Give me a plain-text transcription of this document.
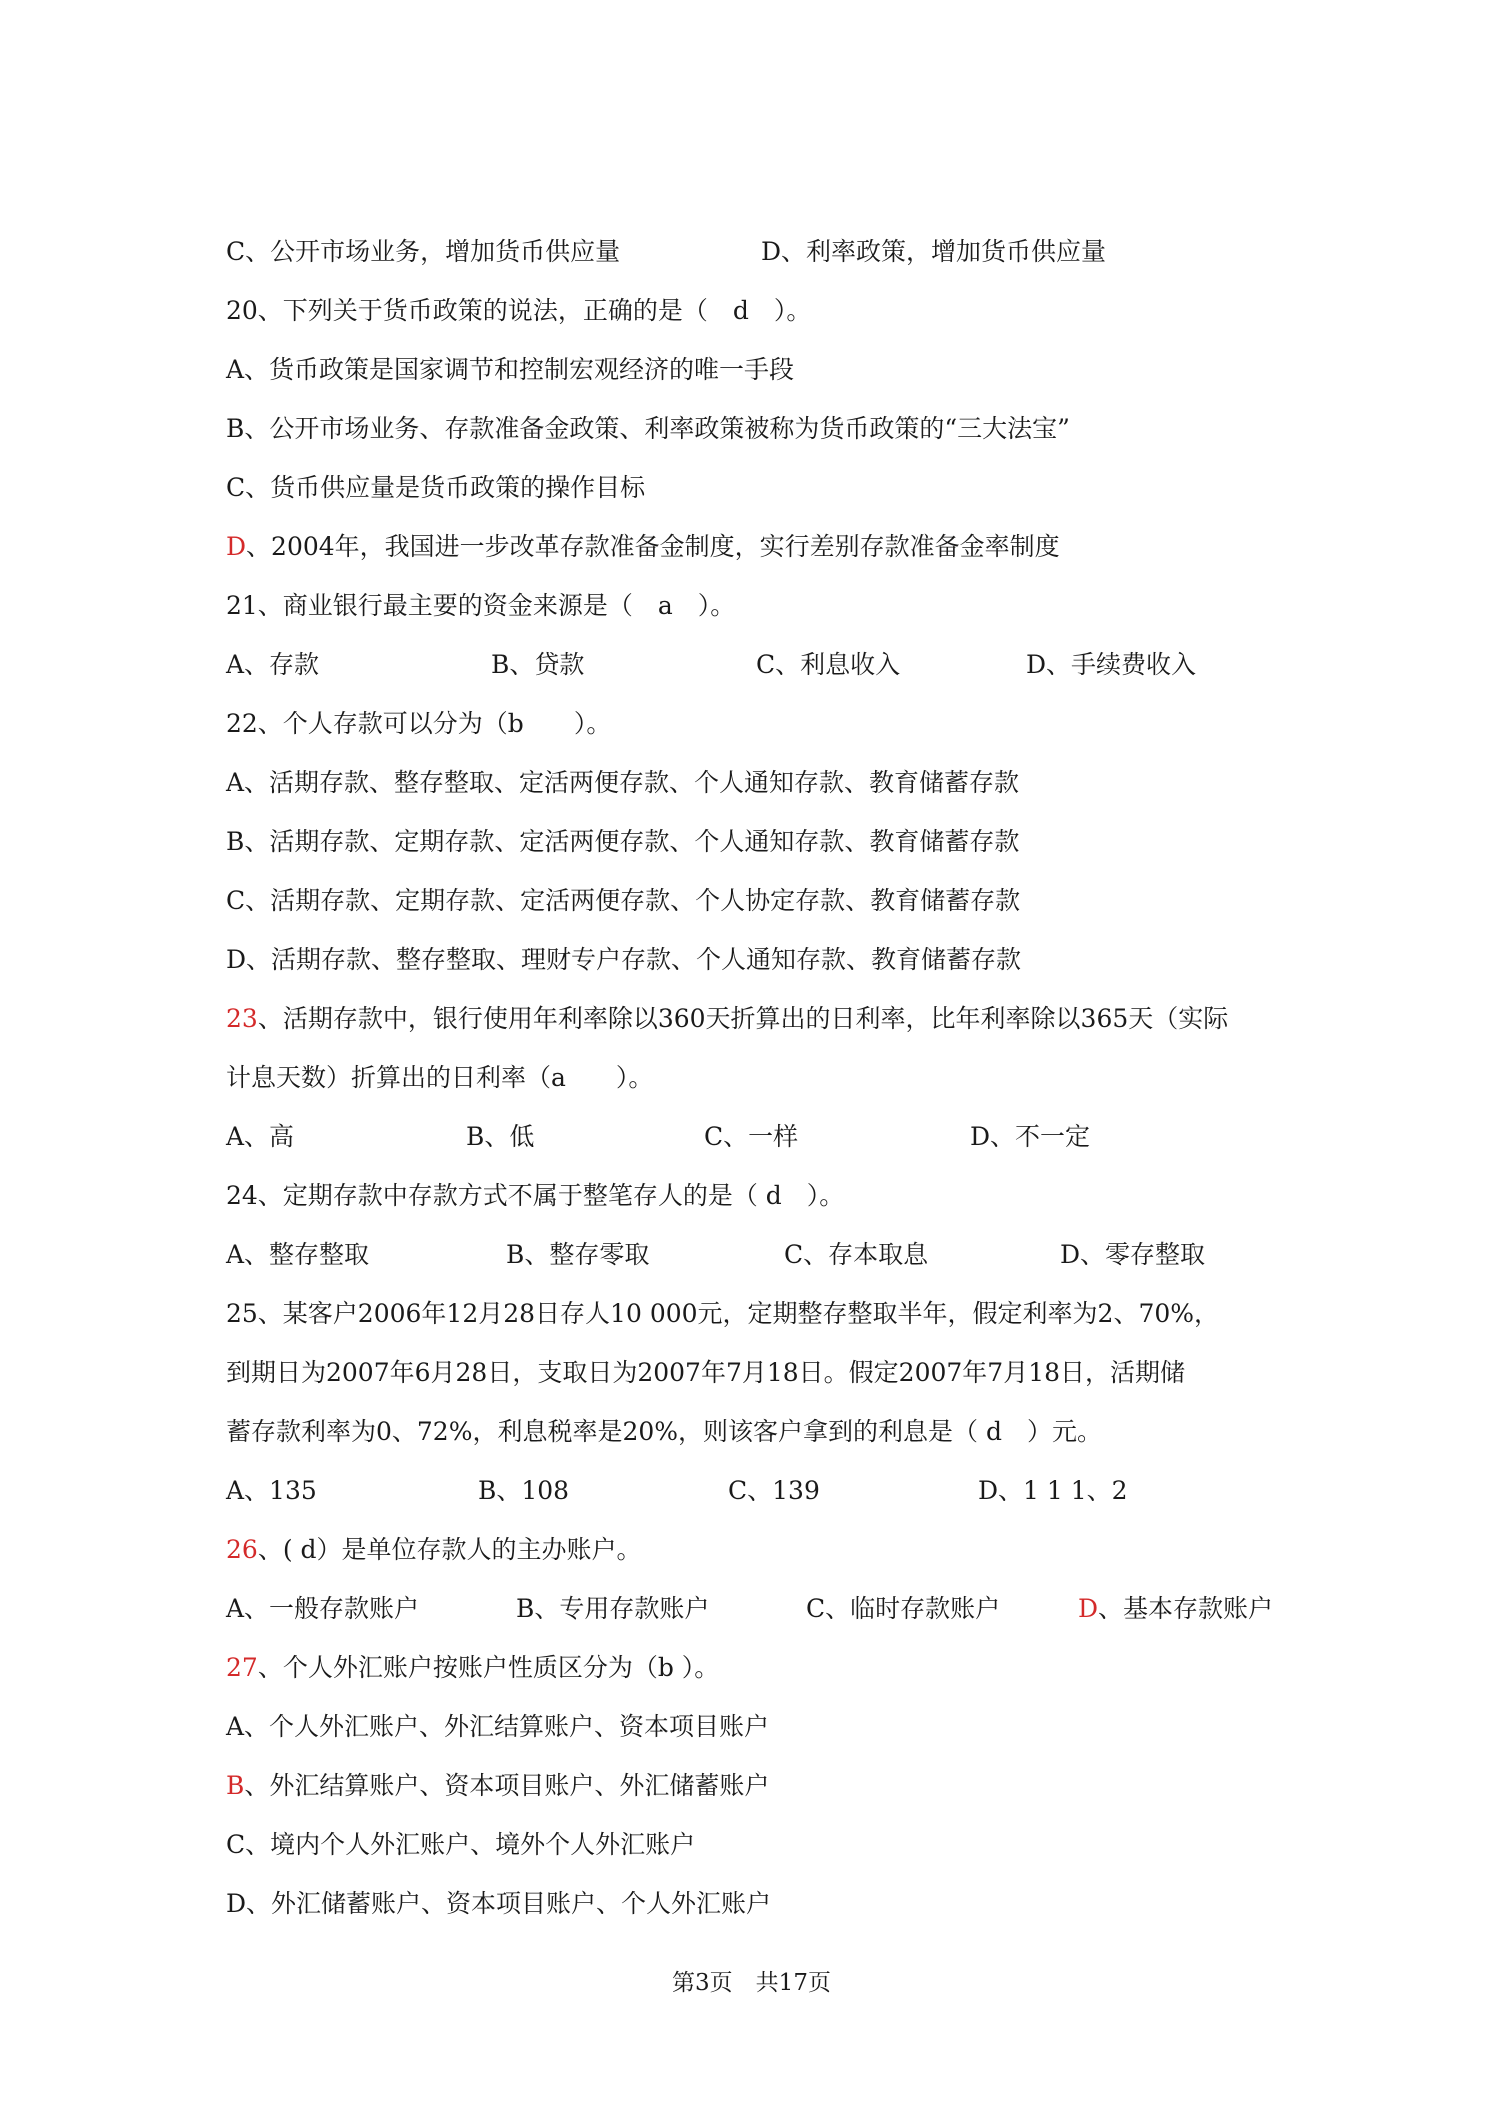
C、公开市场业务，增加货币供应量	D、利率政策，增加货币供应量
20、下列关于货币政策的说法，正确的是（　d　）。
A、货币政策是国家调节和控制宏观经济的唯一手段
B、公开市场业务、存款准备金政策、利率政策被称为货币政策的“三大法宝”
C、货币供应量是货币政策的操作目标
D、2004年，我国进一步改革存款准备金制度，实行差别存款准备金率制度
21、商业银行最主要的资金来源是（　a　）。
A、存款	B、贷款	C、利息收入	D、手续费收入
22、个人存款可以分为（b　　）。
A、活期存款、整存整取、定活两便存款、个人通知存款、教育储蓄存款
B、活期存款、定期存款、定活两便存款、个人通知存款、教育储蓄存款
C、活期存款、定期存款、定活两便存款、个人协定存款、教育储蓄存款
D、活期存款、整存整取、理财专户存款、个人通知存款、教育储蓄存款
23、活期存款中，银行使用年利率除以360天折算出的日利率，比年利率除以365天（实际
计息天数）折算出的日利率（a　　）。
A、高	B、低	C、一样	D、不一定
24、定期存款中存款方式不属于整笔存人的是（ d　）。
A、整存整取	B、整存零取	C、存本取息	D、零存整取
25、某客户2006年12月28日存人10 000元，定期整存整取半年，假定利率为2、70%，
到期日为2007年6月28日，支取日为2007年7月18日。假定2007年7月18日，活期储
蓄存款利率为0、72%，利息税率是20%，则该客户拿到的利息是（ d　）元。
A、135	B、108	C、139	D、1 1 1、2
26、( d）是单位存款人的主办账户。
A、一般存款账户	B、专用存款账户	C、临时存款账户	D、基本存款账户
27、个人外汇账户按账户性质区分为（b ）。
A、个人外汇账户、外汇结算账户、资本项目账户
B、外汇结算账户、资本项目账户、外汇储蓄账户
C、境内个人外汇账户、境外个人外汇账户
D、外汇储蓄账户、资本项目账户、个人外汇账户
第3页　共17页
